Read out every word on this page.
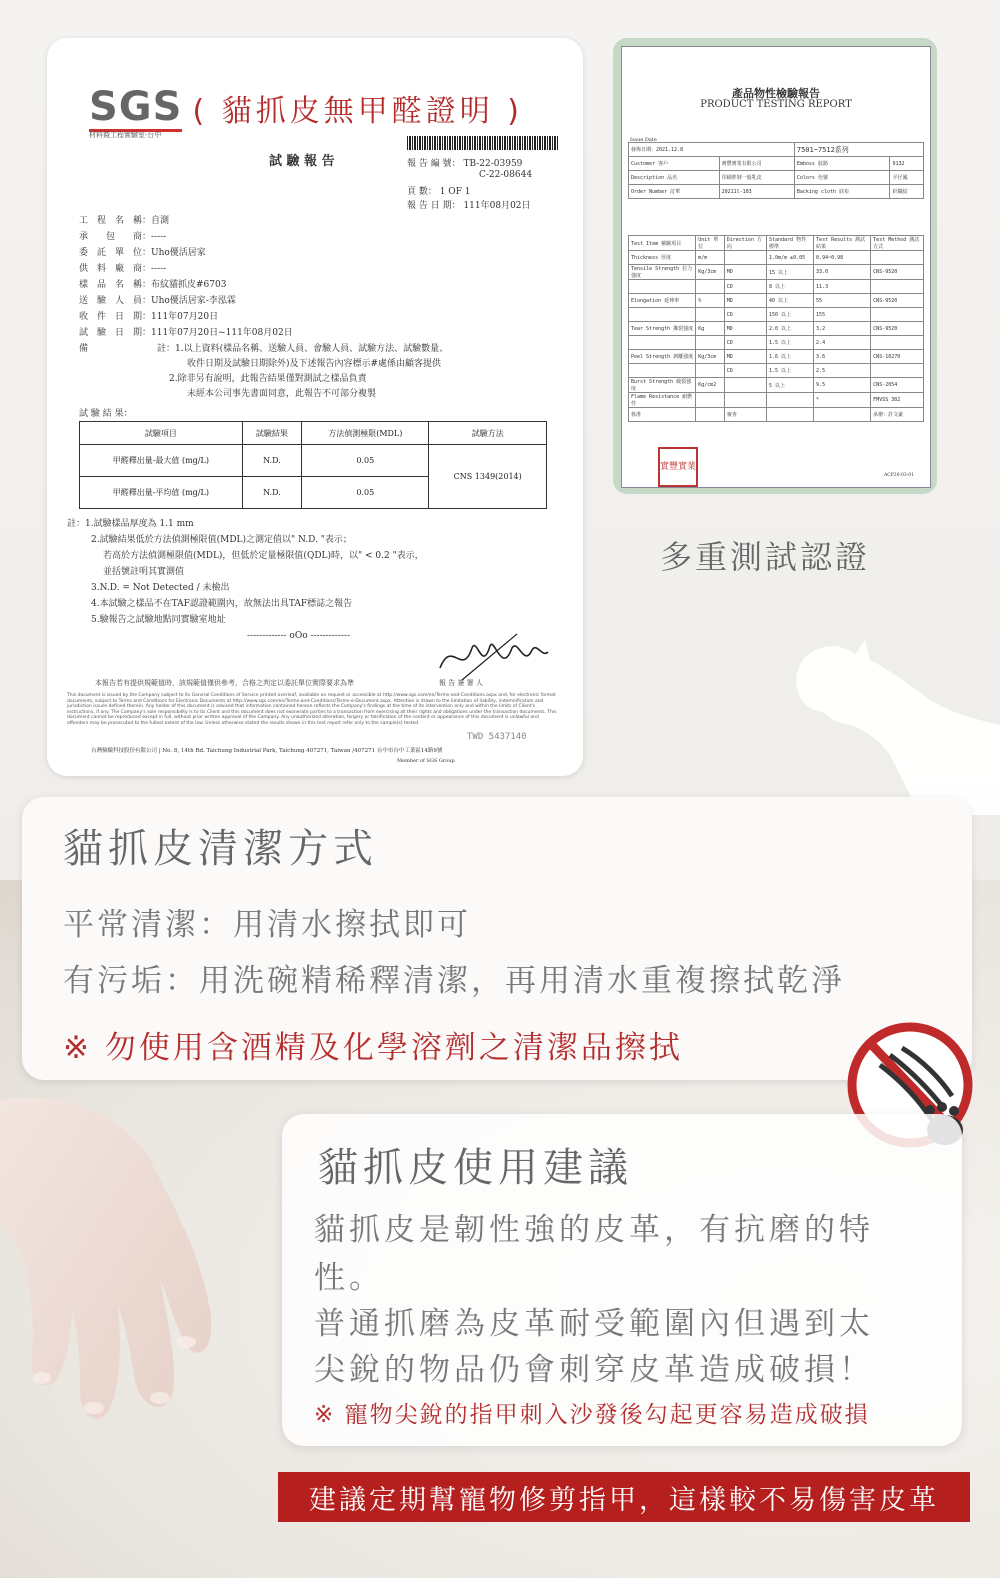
SGS ( 貓抓皮無甲醛證明 )
材料暨工程實驗室-台中
試 驗 報 告	報 告 編 號： TB-22-03959
C-22-08644
頁 數： 1 OF 1
報 告 日 期： 111年08月02日
工　程　名　稱：自測
承　　包　　商：-----
委　託　單　位：Uho優活居家
供　料　廠　商：-----
樣　品　名　稱：布紋貓抓皮#6703
送　驗　人　員：Uho優活居家-李泓霖
收　件　日　期：111年07月20日
試　驗　日　期：111年07月20日~111年08月02日
備	註：1.以上資料(樣品名稱、送驗人員、會驗人員、試驗方法、試驗數量、
收件日期及試驗日期除外)及下述報告內容標示#處係由顧客提供
2.除非另有說明，此報告結果僅對測試之樣品負責
未經本公司事先書面同意，此報告不可部分複製
試 驗 結 果：
試驗項目	試驗結果	方法偵測極限(MDL)	試驗方法
甲醛釋出量-最大值 (mg/L)	N.D.	0.05	CNS 1349(2014)
甲醛釋出量-平均值 (mg/L)	N.D.	0.05	
註：1.試驗樣品厚度為 1.1 mm
2.試驗結果低於方法偵測極限值(MDL)之測定值以" N.D. "表示；
若高於方法偵測極限值(MDL)，但低於定量極限值(QDL)時，以" < 0.2 "表示，
並括號註明其實測值
3.N.D. = Not Detected / 未檢出
4.本試驗之樣品不在TAF認證範圍內，故無法出具TAF標誌之報告
5.驗報告之試驗地點同實驗室地址
------------- oOo -------------
本報告若有提供規範值時，該規範值僅供參考，合格之判定以委託單位實際要求為準	報 告 簽 署 人
This document is issued by the Company subject to its General Conditions of Service printed overleaf, available on request or accessible at http://www.sgs.com/en/Terms-and-Conditions.aspx and, for electronic format documents, subject to Terms and Conditions for Electronic Documents at http://www.sgs.com/en/Terms-and-Conditions/Terms-e-Document.aspx. Attention is drawn to the limitation of liability, indemnification and jurisdiction issues defined therein. Any holder of this document is advised that information contained hereon reflects the Company's findings at the time of its intervention only and within the limits of Client's instructions, if any. The Company's sole responsibility is to its Client and this document does not exonerate parties to a transaction from exercising all their rights and obligations under the transaction documents. This document cannot be reproduced except in full, without prior written approval of the Company. Any unauthorized alteration, forgery or falsification of the content or appearance of this document is unlawful and offenders may be prosecuted to the fullest extent of the law. Unless otherwise stated the results shown in this test report refer only to the sample(s) tested.
台灣檢驗科技股份有限公司 | No. 8, 14th Rd. Taichung Industrial Park, Taichung 407271, Taiwan /407271 台中市台中工業區14路9號
TWD 5437140
Member of SGS Group
產品物性檢驗報告
PRODUCT TESTING REPORT
Issue Date
發佈日期：2021.12.8		7501~7512系列	
Customer 客戶	實豐實業有限公司	Emboss 紋路	9132
Description 品名	印刷胖剝一般乳皮	Colors 色號	平仔鳳
Order Number 訂單	20211l-103	Backing cloth 底布	針織紋
Test Item 檢驗項目	Unit 單位	Direction 方向	Standard 物性標準	Test Results 測試結果	Test Method 測試方式
Thickness 厚度	m/m		1.0m/m ±0.05	0.94~0.98	
Tensile Strength 拉力強度	Kg/3cm	MD	15 以上	33.0	CNS-9520
		CD	8 以上	11.3	
Elongation 延伸率	%	MD	40 以上	55	CNS-9520
		CD	150 以上	155	
Tear Strength 撕裂強度	Kg	MD	2.0 以上	3.2	CNS-9520
		CD	1.5 以上	2.4	
Peel Strength 剝離強度	Kg/3cm	MD	1.6 以上	3.6	CNS-10270
		CD	1.5 以上	2.5	
Burst Strength 破裂強度	Kg/cm2		5 以上	9.5	CNS-2054
Flame Resistance 耐燃性				*	FMVSS 302
核准		審查			承辦：許文豪
實豐實業
ACP20-03-01
多重測試認證
貓抓皮清潔方式
平常清潔：用清水擦拭即可
有污垢：用洗碗精稀釋清潔，再用清水重複擦拭乾淨
※ 勿使用含酒精及化學溶劑之清潔品擦拭
貓抓皮使用建議
貓抓皮是韌性強的皮革，有抗磨的特
性。
普通抓磨為皮革耐受範圍內但遇到太
尖銳的物品仍會刺穿皮革造成破損！
※ 寵物尖銳的指甲刺入沙發後勾起更容易造成破損
建議定期幫寵物修剪指甲，這樣較不易傷害皮革
